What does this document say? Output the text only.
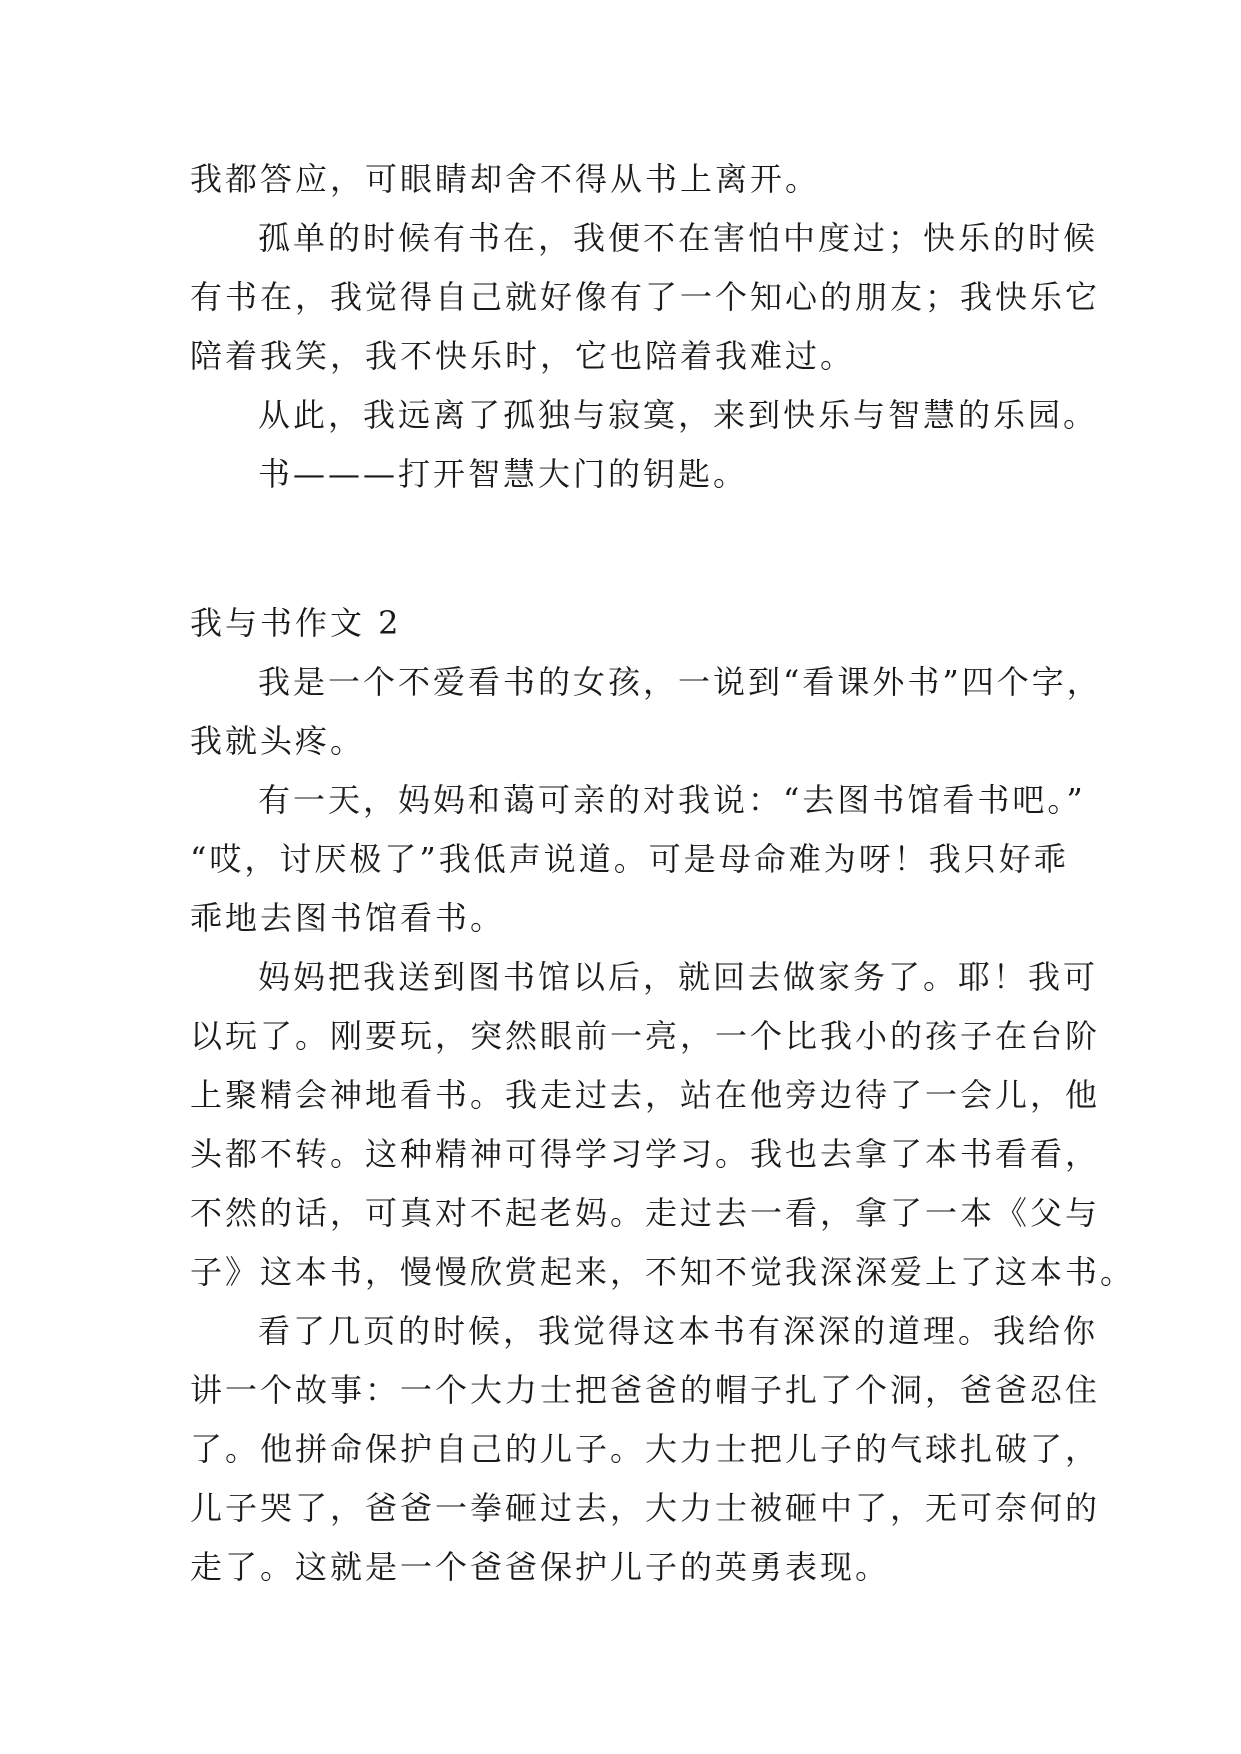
我都答应，可眼睛却舍不得从书上离开。
孤单的时候有书在，我便不在害怕中度过；快乐的时候
有书在，我觉得自己就好像有了一个知心的朋友；我快乐它
陪着我笑，我不快乐时，它也陪着我难过。
从此，我远离了孤独与寂寞，来到快乐与智慧的乐园。
书———打开智慧大门的钥匙。
我与书作文 2
我是一个不爱看书的女孩，一说到“看课外书”四个字，
我就头疼。
有一天，妈妈和蔼可亲的对我说：“去图书馆看书吧。”
“哎，讨厌极了”我低声说道。可是母命难为呀！我只好乖
乖地去图书馆看书。
妈妈把我送到图书馆以后，就回去做家务了。耶！我可
以玩了。刚要玩，突然眼前一亮，一个比我小的孩子在台阶
上聚精会神地看书。我走过去，站在他旁边待了一会儿，他
头都不转。这种精神可得学习学习。我也去拿了本书看看，
不然的话，可真对不起老妈。走过去一看，拿了一本《父与
子》这本书，慢慢欣赏起来，不知不觉我深深爱上了这本书。
看了几页的时候，我觉得这本书有深深的道理。我给你
讲一个故事：一个大力士把爸爸的帽子扎了个洞，爸爸忍住
了。他拼命保护自己的儿子。大力士把儿子的气球扎破了，
儿子哭了，爸爸一拳砸过去，大力士被砸中了，无可奈何的
走了。这就是一个爸爸保护儿子的英勇表现。
